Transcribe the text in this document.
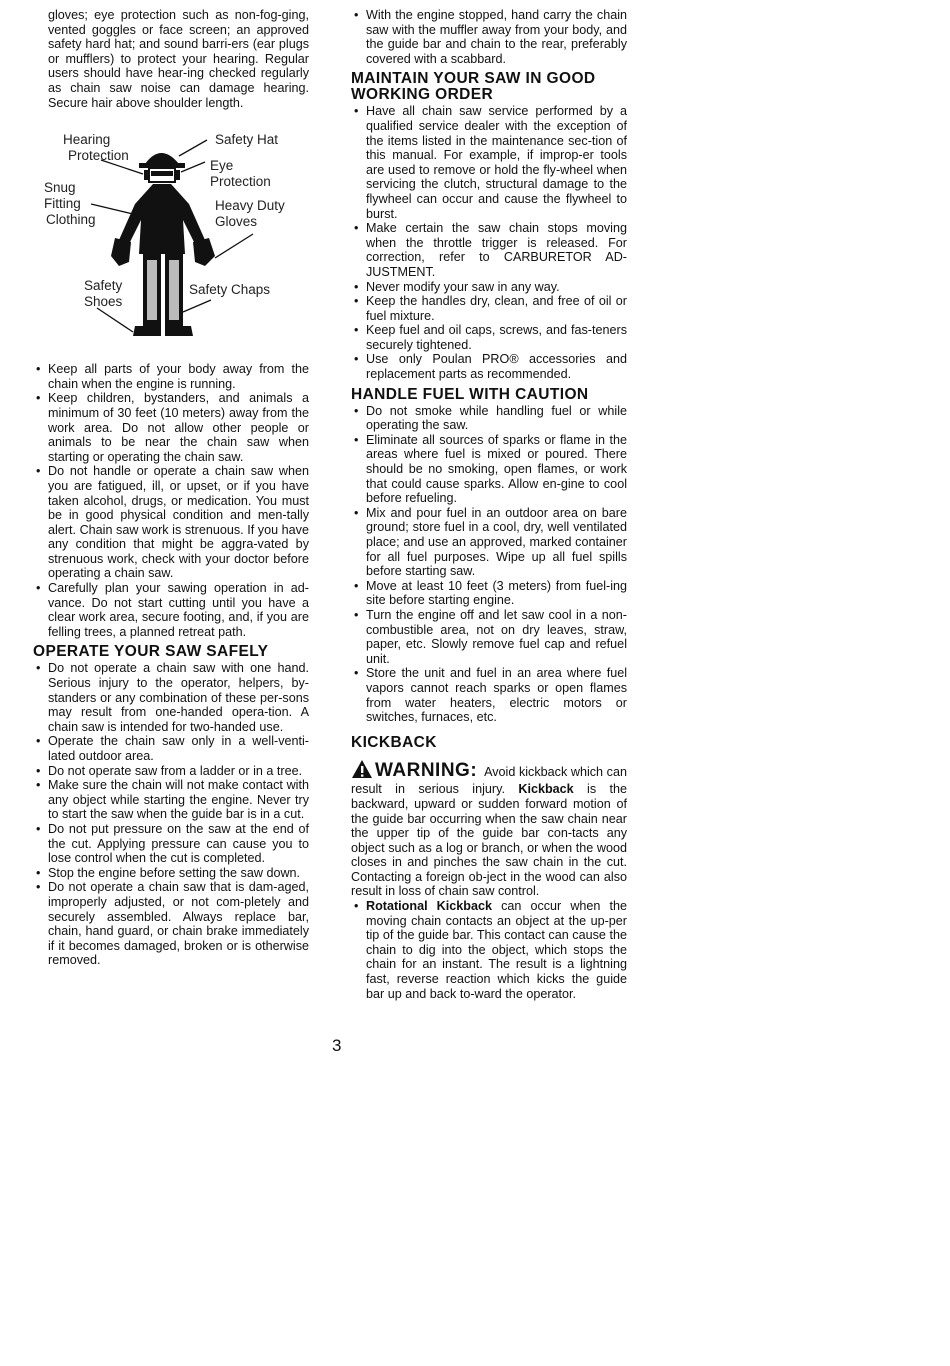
gloves; eye protection such as non-fog-ging, vented goggles or face screen; an approved safety hard hat; and sound barri-ers (ear plugs or mufflers) to protect your hearing. Regular users should have hear-ing checked regularly as chain saw noise can damage hearing. Secure hair above shoulder length.

Hearing
Protection
Safety Hat
Eye
Protection
Snug
Fitting
Clothing
Heavy Duty
Gloves
Safety
Shoes
Safety Chaps
• Keep all parts of your body away from the chain when the engine is running.
• Keep children, bystanders, and animals a minimum of 30 feet (10 meters) away from the work area. Do not allow other people or animals to be near the chain saw when starting or operating the chain saw.
• Do not handle or operate a chain saw when you are fatigued, ill, or upset, or if you have taken alcohol, drugs, or medication. You must be in good physical condition and men-tally alert. Chain saw work is strenuous. If you have any condition that might be aggra-vated by strenuous work, check with your doctor before operating a chain saw.
• Carefully plan your sawing operation in ad-vance. Do not start cutting until you have a clear work area, secure footing, and, if you are felling trees, a planned retreat path.
OPERATE YOUR SAW SAFELY
• Do not operate a chain saw with one hand. Serious injury to the operator, helpers, by-standers or any combination of these per-sons may result from one-handed opera-tion. A chain saw is intended for two-handed use.
• Operate the chain saw only in a well-venti-lated outdoor area.
• Do not operate saw from a ladder or in a tree.
• Make sure the chain will not make contact with any object while starting the engine. Never try to start the saw when the guide bar is in a cut.
• Do not put pressure on the saw at the end of the cut. Applying pressure can cause you to lose control when the cut is completed.
• Stop the engine before setting the saw down.
• Do not operate a chain saw that is dam-aged, improperly adjusted, or not com-pletely and securely assembled. Always replace bar, chain, hand guard, or chain brake immediately if it becomes damaged, broken or is otherwise removed.
• With the engine stopped, hand carry the chain saw with the muffler away from your body, and the guide bar and chain to the rear, preferably covered with a scabbard.
MAINTAIN YOUR SAW IN GOOD WORKING ORDER
• Have all chain saw service performed by a qualified service dealer with the exception of the items listed in the maintenance sec-tion of this manual. For example, if improp-er tools are used to remove or hold the fly-wheel when servicing the clutch, structural damage to the flywheel can occur and cause the flywheel to burst.
• Make certain the saw chain stops moving when the throttle trigger is released. For correction, refer to CARBURETOR AD-JUSTMENT.
• Never modify your saw in any way.
• Keep the handles dry, clean, and free of oil or fuel mixture.
• Keep fuel and oil caps, screws, and fas-teners securely tightened.
• Use only Poulan PRO® accessories and replacement parts as recommended.
HANDLE FUEL WITH CAUTION
• Do not smoke while handling fuel or while operating the saw.
• Eliminate all sources of sparks or flame in the areas where fuel is mixed or poured. There should be no smoking, open flames, or work that could cause sparks. Allow en-gine to cool before refueling.
• Mix and pour fuel in an outdoor area on bare ground; store fuel in a cool, dry, well ventilated place; and use an approved, marked container for all fuel purposes. Wipe up all fuel spills before starting saw.
• Move at least 10 feet (3 meters) from fuel-ing site before starting engine.
• Turn the engine off and let saw cool in a non-combustible area, not on dry leaves, straw, paper, etc. Slowly remove fuel cap and refuel unit.
• Store the unit and fuel in an area where fuel vapors cannot reach sparks or open flames from water heaters, electric motors or switches, furnaces, etc.
KICKBACK

WARNING: Avoid kickback which can result in serious injury. Kickback is the backward, upward or sudden forward motion of the guide bar occurring when the saw chain near the upper tip of the guide bar con-tacts any object such as a log or branch, or when the wood closes in and pinches the saw chain in the cut. Contacting a foreign ob-ject in the wood can also result in loss of chain saw control.

• Rotational Kickback can occur when the moving chain contacts an object at the up-per tip of the guide bar. This contact can cause the chain to dig into the object, which stops the chain for an instant. The result is a lightning fast, reverse reaction which kicks the guide bar up and back to-ward the operator.
3
